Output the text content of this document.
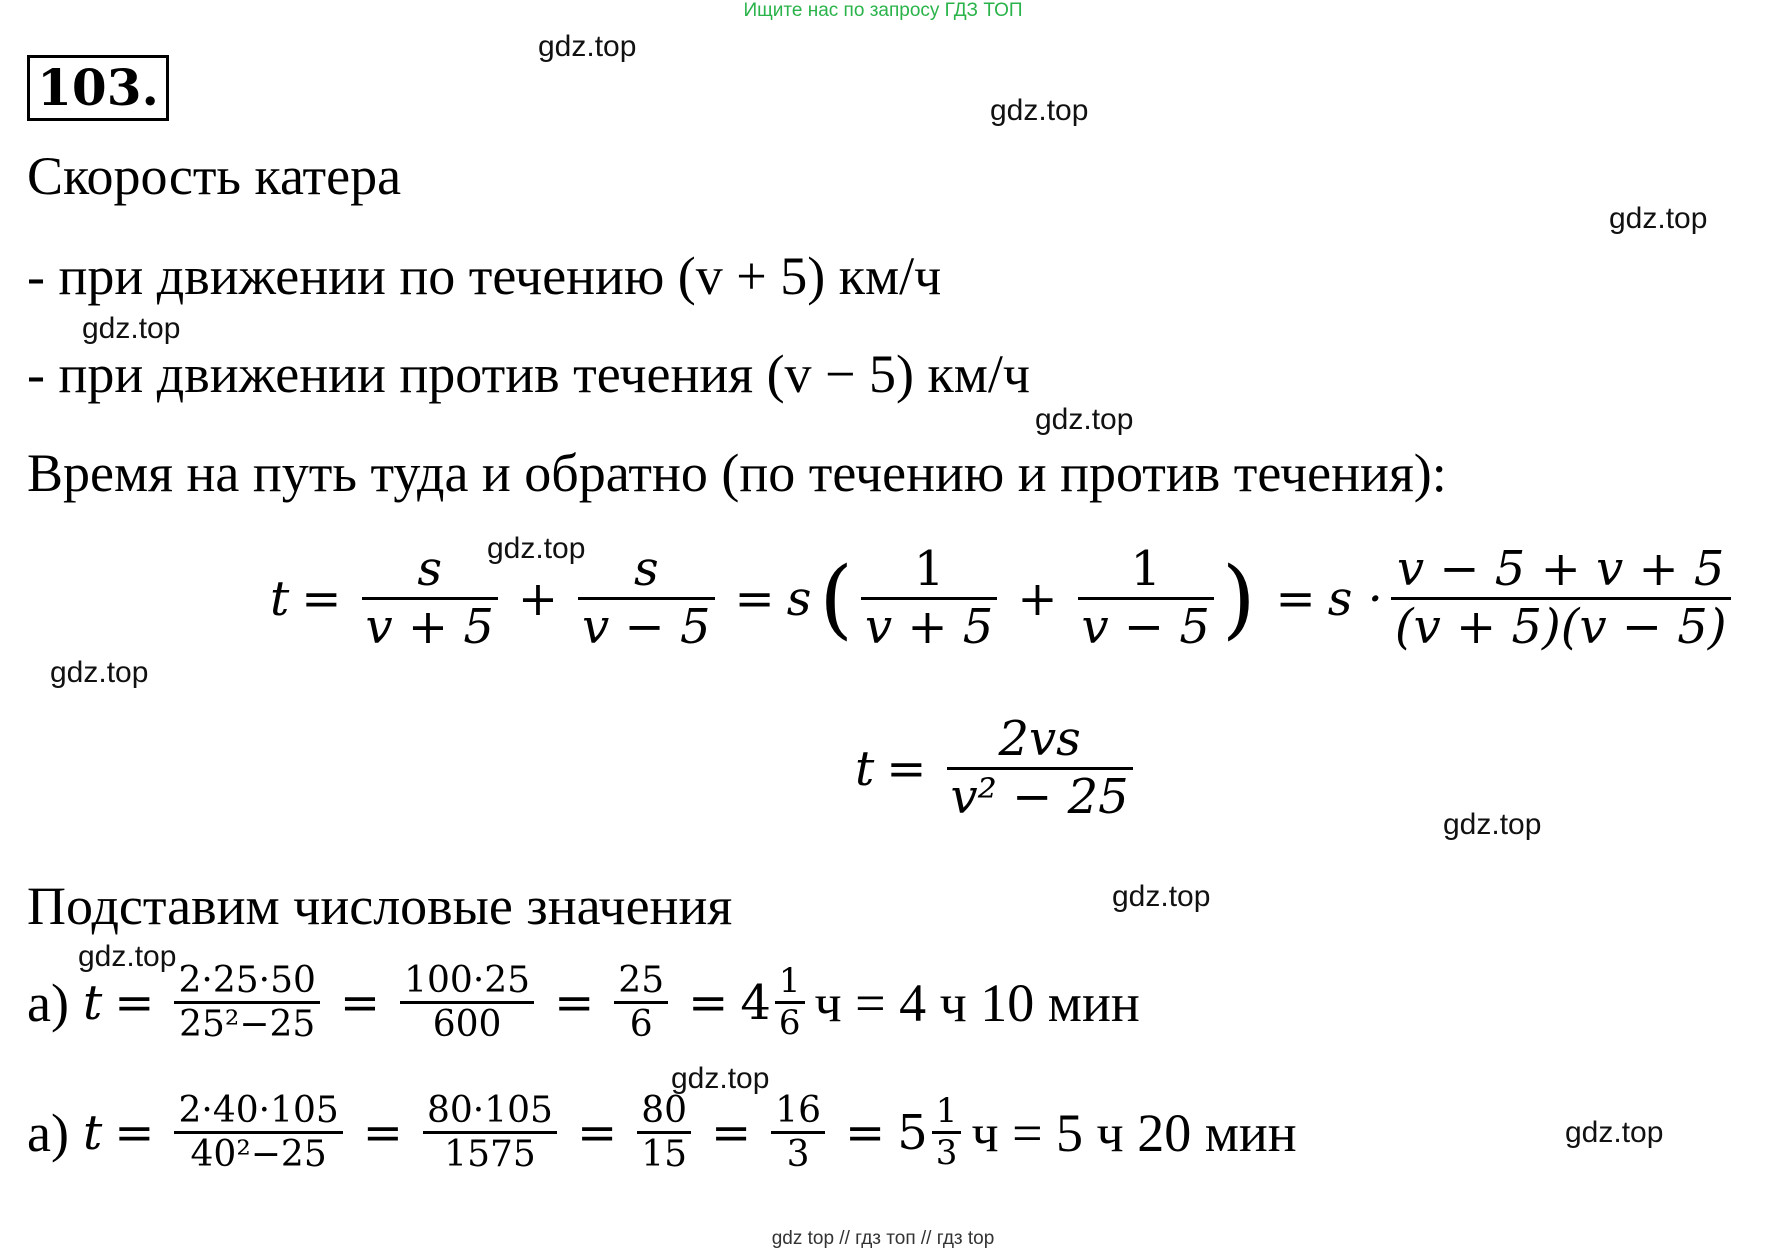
Ищите нас по запросу ГДЗ ТОП
103.
Скорость катера
- при движении по течению (v + 5) км/ч
- при движении против течения (v − 5) км/ч
Время на путь туда и обратно (по течению и против течения):
$t = \frac{s}{v + 5} + \frac{s}{v - 5} = s$ ( $\frac{1}{v + 5} + \frac{1}{v - 5}$ ) = $s \cdot \frac{v - 5 + v + 5}{(v + 5)(v - 5)}$
$t = \frac{2vs}{\text{v² − 25}}$
Подставим числовые значения
а) $t = \frac{2\cdot 25\cdot 50}{\text{25²−25}} = \frac{100\cdot 25}{600} = \frac{25}{6} = 4 \frac{1}{6}$ ч = 4 ч 10 мин
а) $t = \frac{2\cdot 40\cdot 105}{\text{40²−25}} = \frac{80\cdot 105}{1575} = \frac{80}{15} = \frac{16}{3} = 5 \frac{1}{3}$ ч = 5 ч 20 мин
gdz.top
gdz.top
gdz.top
gdz.top
gdz.top
gdz.top
gdz.top
gdz.top
gdz.top
gdz.top
gdz.top
gdz.top
gdz top // гдз топ // гдз top
